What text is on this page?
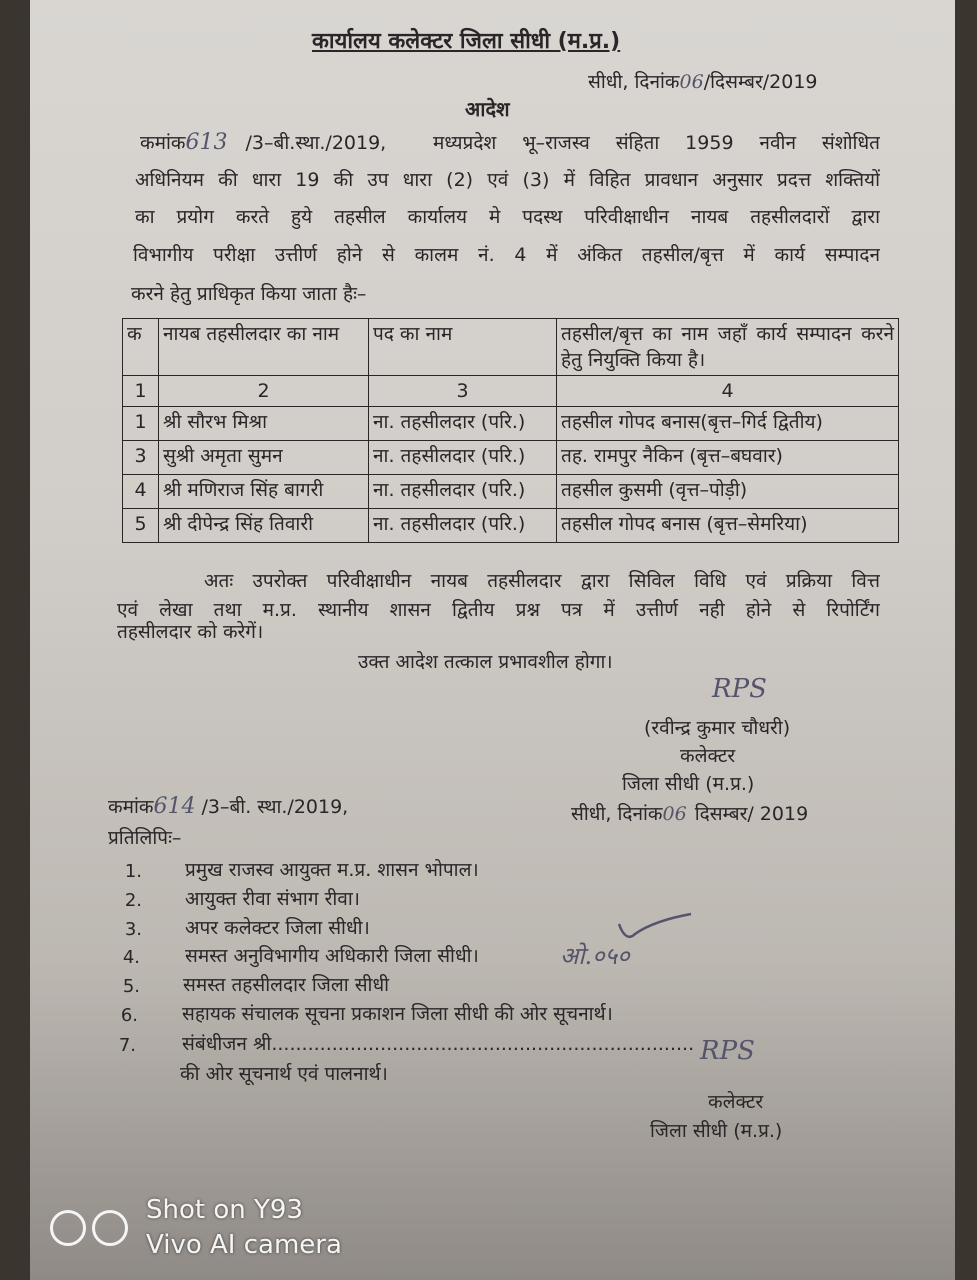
कार्यालय कलेक्टर जिला सीधी (म.प्र.)
सीधी, दिनांक06/दिसम्बर/2019
आदेश
कमांक613 /3–बी.स्था./2019, मध्यप्रदेश भू–राजस्व संहिता 1959 नवीन संशोधित
अधिनियम की धारा 19 की उप धारा (2) एवं (3) में विहित प्रावधान अनुसार प्रदत्त शक्तियों
का प्रयोग करते हुये तहसील कार्यालय मे पदस्थ परिवीक्षाधीन नायब तहसीलदारों द्वारा
विभागीय परीक्षा उत्तीर्ण होने से कालम नं. 4 में अंकित तहसील/बृत्त में कार्य सम्पादन
करने हेतु प्राधिकृत किया जाता हैः–
क	नायब तहसीलदार का नाम	पद का नाम	तहसील/बृत्त का नाम जहाँ कार्य सम्पादन करने हेतु नियुक्ति किया है।
1	2	3	4
1	श्री सौरभ मिश्रा	ना. तहसीलदार (परि.)	तहसील गोपद बनास(बृत्त–गिर्द द्वितीय)
3	सुश्री अमृता सुमन	ना. तहसीलदार (परि.)	तह. रामपुर नैकिन (बृत्त–बघवार)
4	श्री मणिराज सिंह बागरी	ना. तहसीलदार (परि.)	तहसील कुसमी (वृत्त–पोड़ी)
5	श्री दीपेन्द्र सिंह तिवारी	ना. तहसीलदार (परि.)	तहसील गोपद बनास (बृत्त–सेमरिया)
अतः उपरोक्त परिवीक्षाधीन नायब तहसीलदार द्वारा सिविल विधि एवं प्रक्रिया वित्त
एवं लेखा तथा म.प्र. स्थानीय शासन द्वितीय प्रश्न पत्र में उत्तीर्ण नही होने से रिपोर्टिंग
तहसीलदार को करेगें।
उक्त आदेश तत्काल प्रभावशील होगा।
RPS
(रवीन्द्र कुमार चौधरी)
कलेक्टर
जिला सीधी (म.प्र.)
कमांक614 /3–बी. स्था./2019,	सीधी, दिनांक06 दिसम्बर/ 2019
प्रतिलिपिः–
1. प्रमुख राजस्व आयुक्त म.प्र. शासन भोपाल।
2. आयुक्त रीवा संभाग रीवा।
3. अपर कलेक्टर जिला सीधी।
4. समस्त अनुविभागीय अधिकारी जिला सीधी।	ओ.०५०
5. समस्त तहसीलदार जिला सीधी
6. सहायक संचालक सूचना प्रकाशन जिला सीधी की ओर सूचनार्थ।
7. संबंधीजन श्री......................................................................
की ओर सूचनार्थ एवं पालनार्थ।
RPS
कलेक्टर
जिला सीधी (म.प्र.)
Shot on Y93
Vivo AI camera
